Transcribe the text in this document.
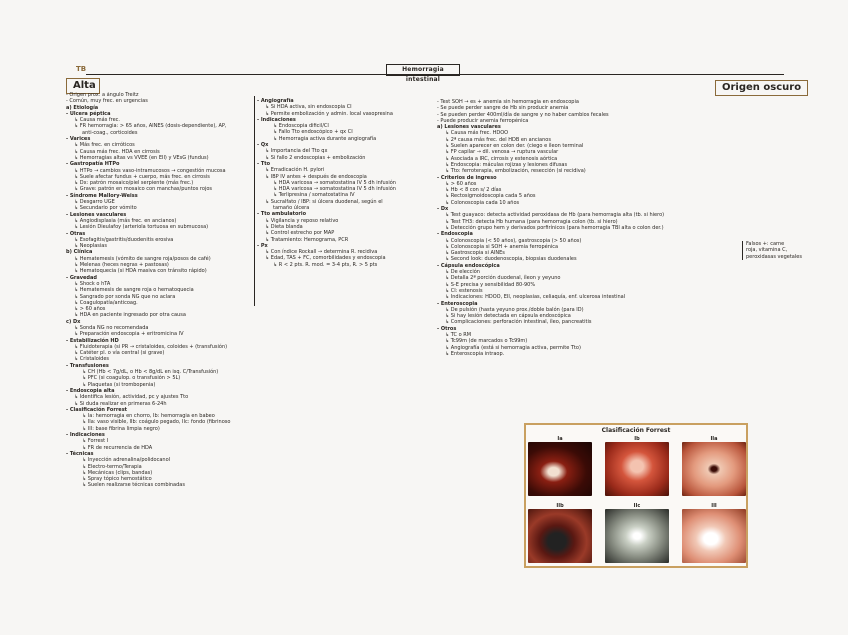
TB	Hemorragia intestinal
Alta	Origen oscuro
- Origen prox. a ángulo Treitz
- Común, muy frec. en urgencias
a) Etiología
- Ulcera péptica
↳ Causa más frec.
↳ FR hemorragia: > 65 años, AINES (dosis-dependiente), AP,
anti-coag., corticoides
- Varices
↳ Más frec. en cirróticos
↳ Causa más frec. HDA en cirrosis
↳ Hemorragias altas vs VVEE (en EII) y VEsG (fundus)
- Gastropatía HTPo
↳ HTPo → cambios vaso-intramucosos → congestión mucosa
↳ Suele afectar fundus + cuerpo, más frec. en cirrosis
↳ Dx: patrón mosaico/piel serpiente (más frec.)
↳ Grave: patrón en mosaico con manchas/puntos rojos
- Síndrome Mallory-Weiss
↳ Desgarro UGE
↳ Secundario por vómito
- Lesiones vasculares
↳ Angiodisplasia (más frec. en ancianos)
↳ Lesión Dieulafoy (arteriola tortuosa en submucosa)
- Otras
↳ Esofagitis/gastritis/duodenitis erosiva
↳ Neoplasias
b) Clínica
↳ Hematemesis (vómito de sangre roja/posos de café)
↳ Melenas (heces negras + pastosas)
↳ Hematoquecia (si HDA masiva con tránsito rápido)
- Gravedad
↳ Shock o hTA
↳ Hematemesis de sangre roja o hematoquecia
↳ Sangrado por sonda NG que no aclara
↳ Coagulopatía/anticoag.
↳ > 60 años
↳ HDA en paciente ingresado por otra causa
c) Dx
↳ Sonda NG no recomendada
↳ Preparación endoscopia + eritromicina IV
- Estabilización HD
↳ Fluidoterapia (si PR → cristaloides, coloides + (transfusión)
↳ Catéter pl. o vía central (si grave)
↳ Cristaloides
- Transfusiones
↳ CH (Hb < 7g/dL, o Hb < 8g/dL en isq. C/Transfusión)
↳ PFC (si coagulop. o transfusión > 5L)
↳ Plaquetas (si trombopenia)
- Endoscopia alta
↳ Identifica lesión, actividad, pc y ajustes Tto
↳ Si duda realizar en primeras 6-24h
- Clasificación Forrest
↳ Ia: hemorragia en chorro, Ib: hemorragia en babeo
↳ IIa: vaso visible, IIb: coágulo pegado, IIc: fondo (fibrinoso
↳ III: base fibrina limpia negro)
- Indicaciones
↳ Forrest I
↳ FR de recurrencia de HDA
- Técnicas
↳ Inyección adrenalina/polidocanol
↳ Electro-termo/Terapia
↳ Mecánicas (clips, bandas)
↳ Spray tópico hemostático
↳ Suelen realizarse técnicas combinadas
- Angiografía
↳ Si HDA activa, sin endoscopia CI
↳ Permite embolización y admin. local vasopresina
- Indicaciones
↳ Endoscopia dificil/CI
↳ Fallo Tto endoscópico + qx CI
↳ Hemorragia activa durante angiografía
- Qx
↳ Importancia del Tto qx
↳ Si fallo 2 endoscopias + embolización
- Tto
↳ Erradicación H. pylori
↳ IBP IV antes + después de endoscopia
↳ HDA varicosa → somatostatina IV 5 dh infusión
↳ HDA varicosa → somatostatina IV 5 dh infusión
↳ Terlipresina / somatostatina IV
↳ Sucralfato / IBP: si úlcera duodenal, según el
tamaño úlcera
- Tto ambulatorio
↳ Vigilancia y reposo relativo
↳ Dieta blanda
↳ Control estrecho por MAP
↳ Tratamiento: Hemograma, PCR
- Px
↳ Con índice Rockall → determina R. recidiva
↳ Edad, TAS + FC, comorbilidades y endoscopia
↳ R < 2 pts. R. mod. = 3-4 pts, R. > 5 pts
- Test SOH → es + anemia sin hemorragia en endoscopia
- Se puede perder sangre de Hb sin producir anemia
- Se pueden perder 400ml/día de sangre y no haber cambios fecales
- Puede producir anemia ferropénica
a) Lesiones vasculares
↳ Causa más frec. HDOO
↳ 2ª causa más frec. del HDB en ancianos
↳ Suelen aparecer en colon der. (ciego e íleon terminal
↳ FP capilar → dil. venosa → ruptura vascular
↳ Asociada a IRC, cirrosis y estenosis aórtica
↳ Endoscopia: máculas rojizas y lesiones difusas
↳ Tto: ferroterapia, embolización, resección (si recidiva)
- Criterios de ingreso
↳ > 60 años
↳ Hb < 8 con s/ 2 días
↳ Rectosigmoidoscopia cada 5 años
↳ Colonoscopia cada 10 años
- Dx
↳ Test guayaco: detecta actividad peroxidasa de Hb (para hemorragia alta (tb. si hiero)
↳ Test TH3: detecta Hb humana (para hemorragia colon (tb. si hiero)
↳ Detección grupo hem y derivados porfirínicos (para hemorragia TBI alta o colon der.)
- Endoscopia
↳ Colonoscopia (< 50 años), gastroscopia (> 50 años)
↳ Colonoscopia si SOH + anemia ferropénica
↳ Gastroscopia si AINEs
↳ Second look: duodenoscopia, biopsias duodenales
- Cápsula endoscópica
↳ De elección
↳ Detalla 2ª porción duodenal, íleon y yeyuno
↳ S-E precisa y sensibilidad 80-90%
↳ CI: estenosis
↳ Indicaciones: HDOO, EII, neoplasias, celiaquía, enf. ulcerosa intestinal
- Enteroscopia
↳ De pulsión (hasta yeyuno prox./doble balón (para ID)
↳ Si hay lesión detectada en cápsula endoscópica
↳ Complicaciones: perforación intestinal, íleo, pancreatitis
- Otros
↳ TC o RM
↳ Tc99m (de marcados o Tc99m)
↳ Angiografía (está si hemorragia activa, permite Tto)
↳ Enteroscopia intraop.
Falsos +: carne
roja, vitamina C,
peroxidasas vegetales
Clasificación Forrest
Ia	Ib	IIa
IIb	IIc	III
